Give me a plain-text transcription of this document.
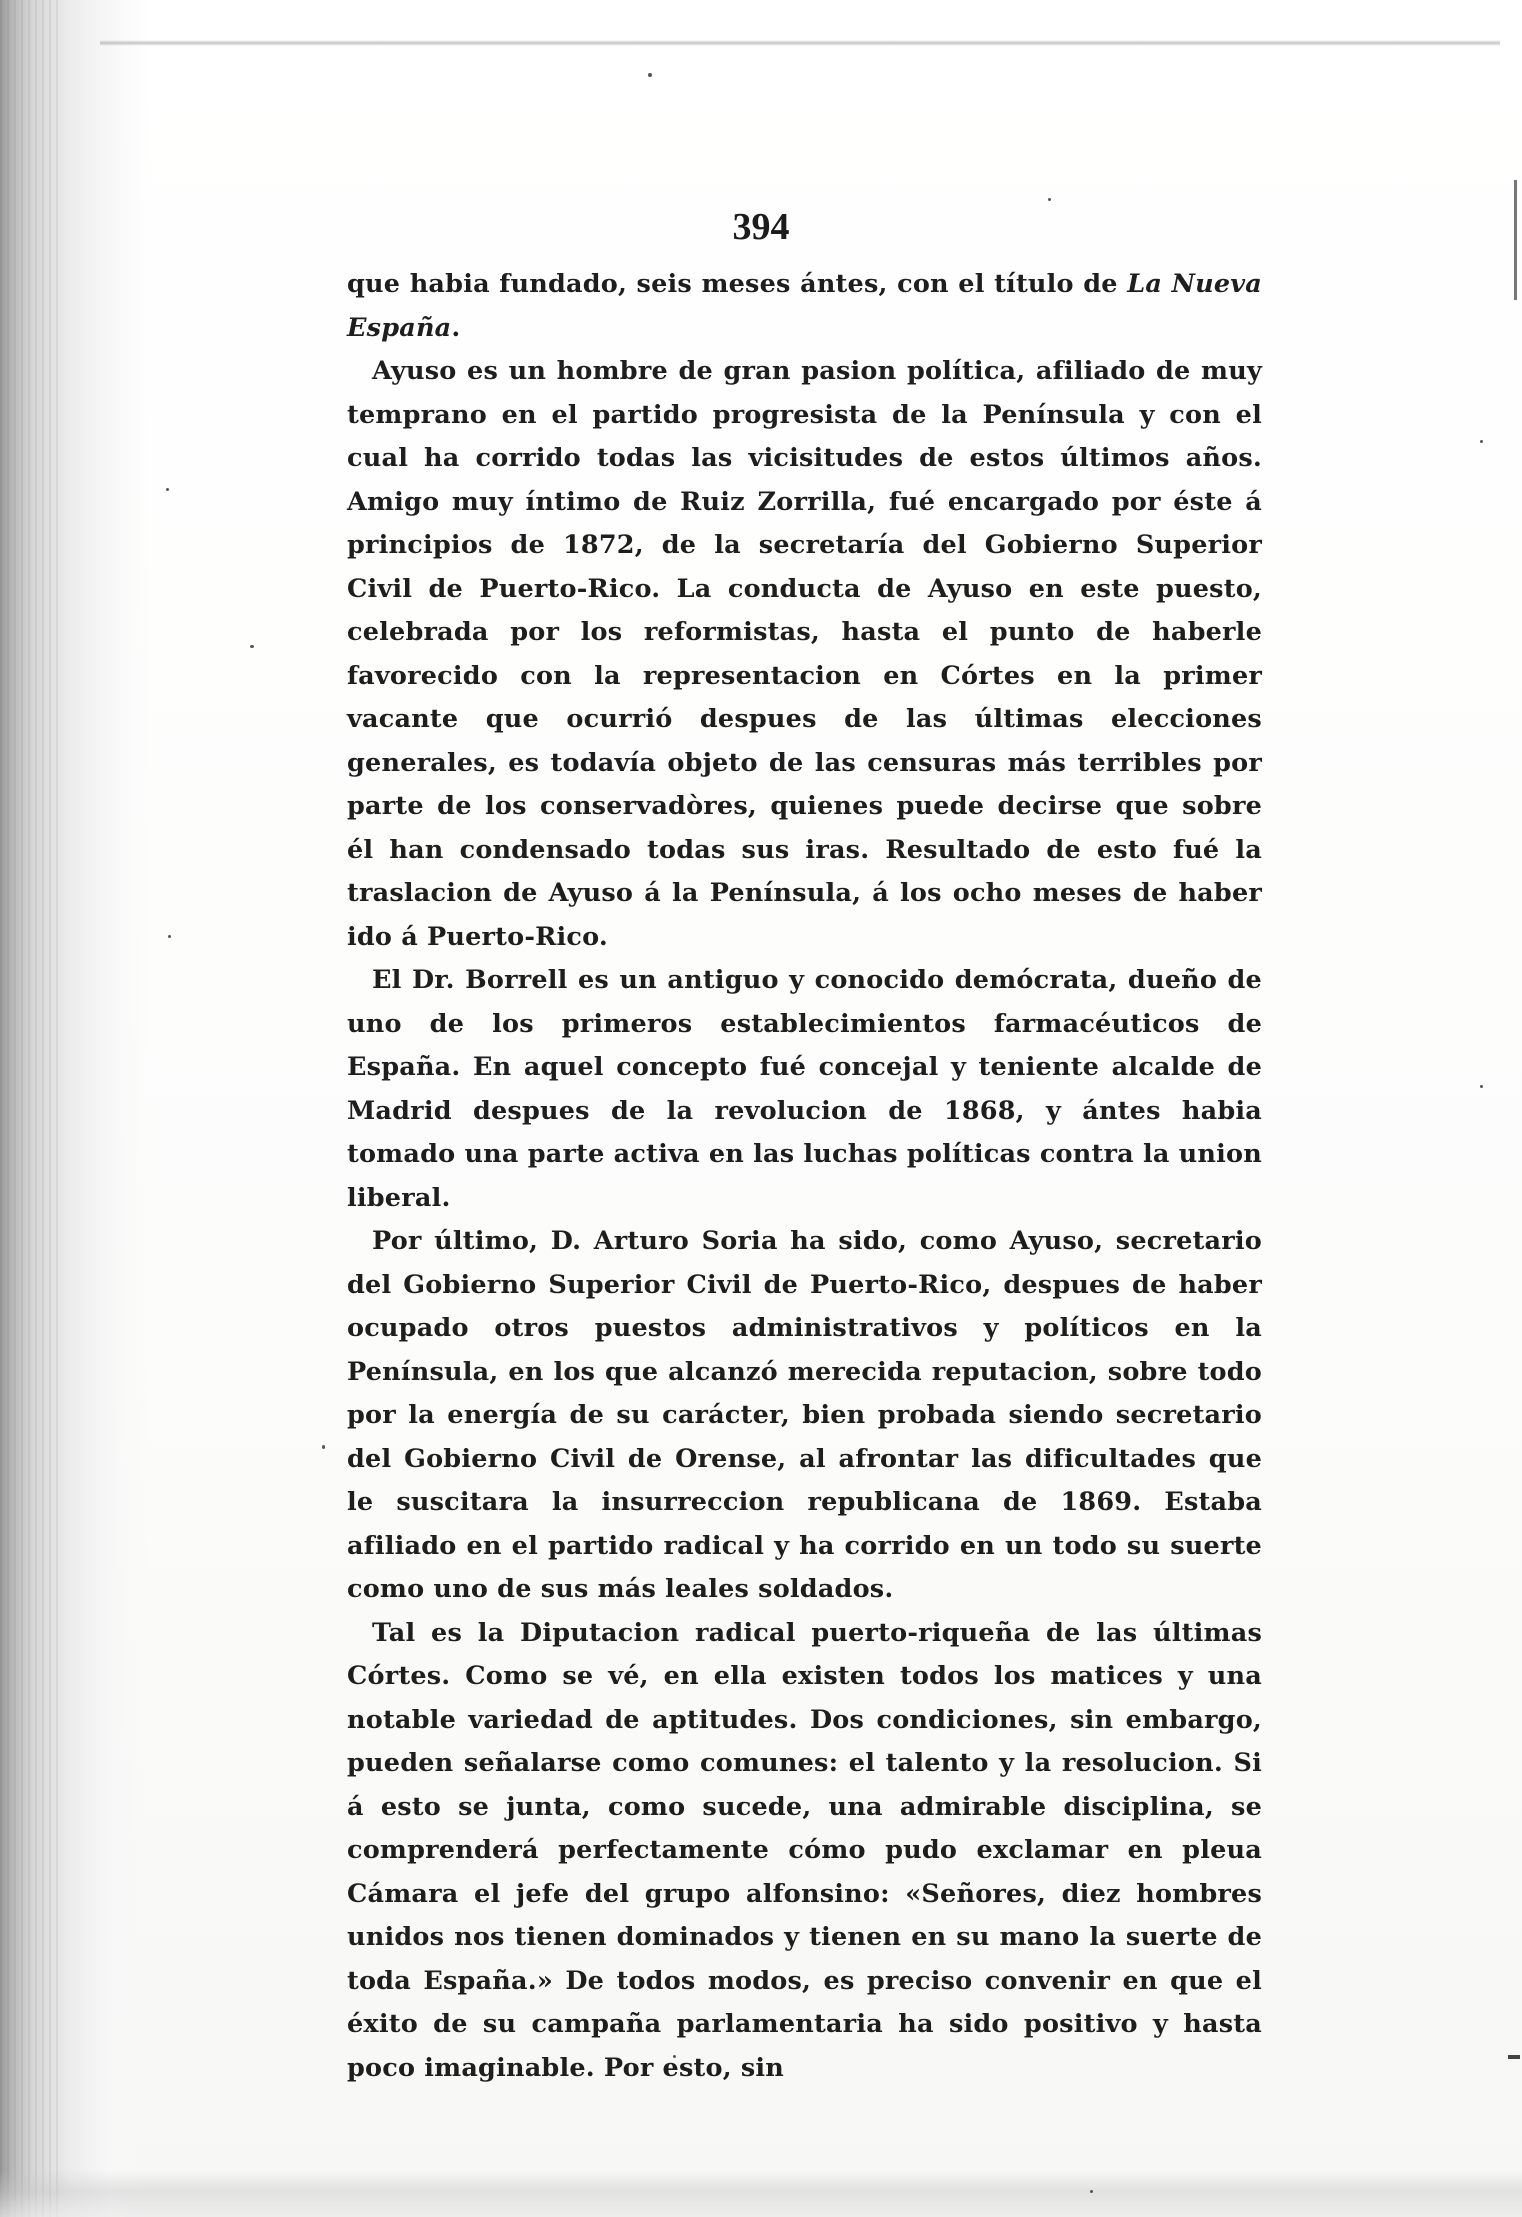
394

que habia fundado, seis meses ántes, con el título de La Nueva España.

Ayuso es un hombre de gran pasion política, afiliado de muy temprano en el partido progresista de la Península y con el cual ha corrido todas las vicisitudes de estos últimos años. Amigo muy íntimo de Ruiz Zorrilla, fué encargado por éste á principios de 1872, de la secretaría del Gobierno Superior Civil de Puerto-Rico. La conducta de Ayuso en este puesto, celebrada por los reformistas, hasta el punto de haberle favorecido con la representacion en Córtes en la primer vacante que ocurrió despues de las últimas elecciones generales, es todavía objeto de las censuras más terribles por parte de los conservadòres, quienes puede decirse que sobre él han condensado todas sus iras. Resultado de esto fué la traslacion de Ayuso á la Península, á los ocho meses de haber ido á Puerto-Rico.

El Dr. Borrell es un antiguo y conocido demócrata, dueño de uno de los primeros establecimientos farmacéuticos de España. En aquel concepto fué concejal y teniente alcalde de Madrid despues de la revolucion de 1868, y ántes habia tomado una parte activa en las luchas políticas contra la union liberal.

Por último, D. Arturo Soria ha sido, como Ayuso, secretario del Gobierno Superior Civil de Puerto-Rico, despues de haber ocupado otros puestos administrativos y políticos en la Península, en los que alcanzó merecida reputacion, sobre todo por la energía de su carácter, bien probada siendo secretario del Gobierno Civil de Orense, al afrontar las dificultades que le suscitara la insurreccion republicana de 1869. Estaba afiliado en el partido radical y ha corrido en un todo su suerte como uno de sus más leales soldados.

Tal es la Diputacion radical puerto-riqueña de las últimas Córtes. Como se vé, en ella existen todos los matices y una notable variedad de aptitudes. Dos condiciones, sin embargo, pueden señalarse como comunes: el talento y la resolucion. Si á esto se junta, como sucede, una admirable disciplina, se comprenderá perfectamente cómo pudo exclamar en pleua Cámara el jefe del grupo alfonsino: «Señores, diez hombres unidos nos tienen dominados y tienen en su mano la suerte de toda España.» De todos modos, es preciso convenir en que el éxito de su campaña parlamentaria ha sido positivo y hasta poco imaginable. Por esto, sin
